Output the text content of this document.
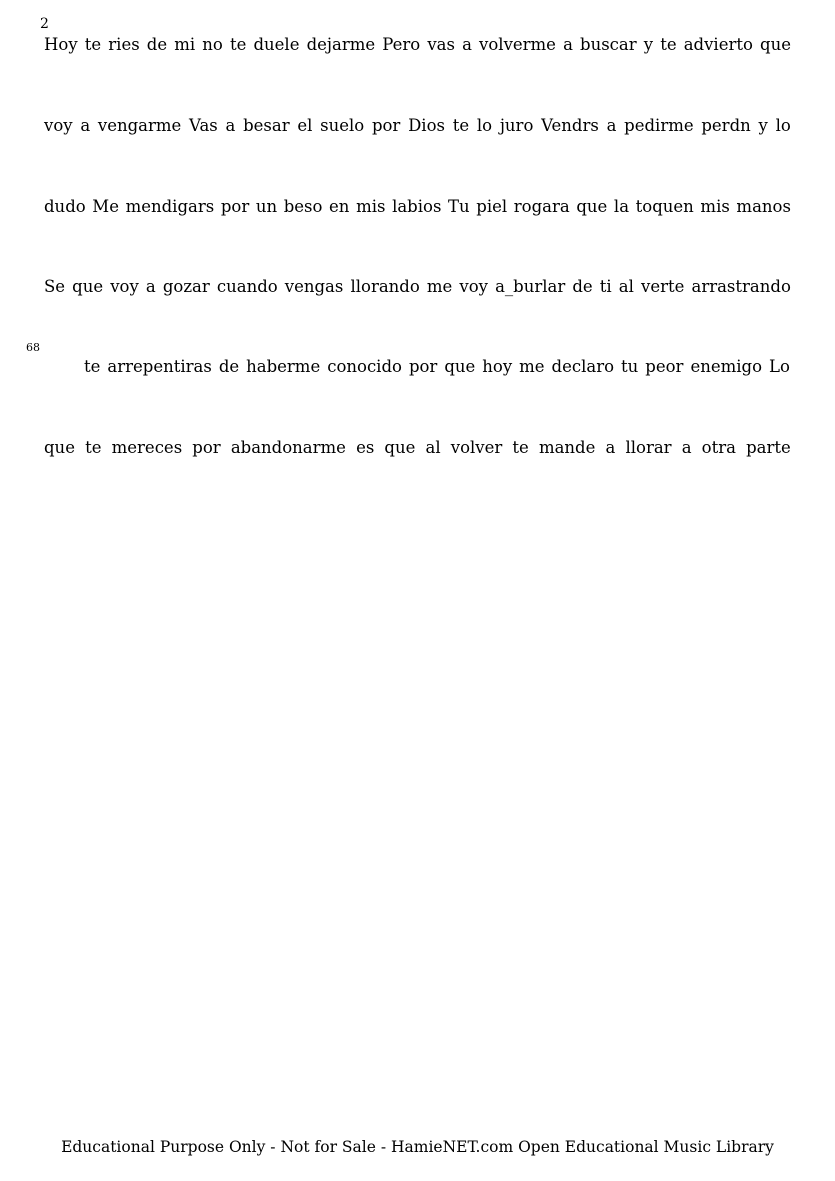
2
68

Hoy te ries de mi no te duele dejarme Pero vas a volverme a buscar y te advierto que

voy a vengarme Vas a besar el suelo por Dios te lo juro Vendrs a pedirme perdn y lo

dudo Me mendigars por un beso en mis labios Tu piel rogara que la toquen mis manos

Se que voy a gozar cuando vengas llorando me voy a_burlar de ti al verte arrastrando

te arrepentiras de haberme conocido por que hoy me declaro tu peor enemigo Lo

que te mereces por abandonarme es que al volver te mande a llorar a otra parte

Educational Purpose Only - Not for Sale - HamieNET.com Open Educational Music Library
